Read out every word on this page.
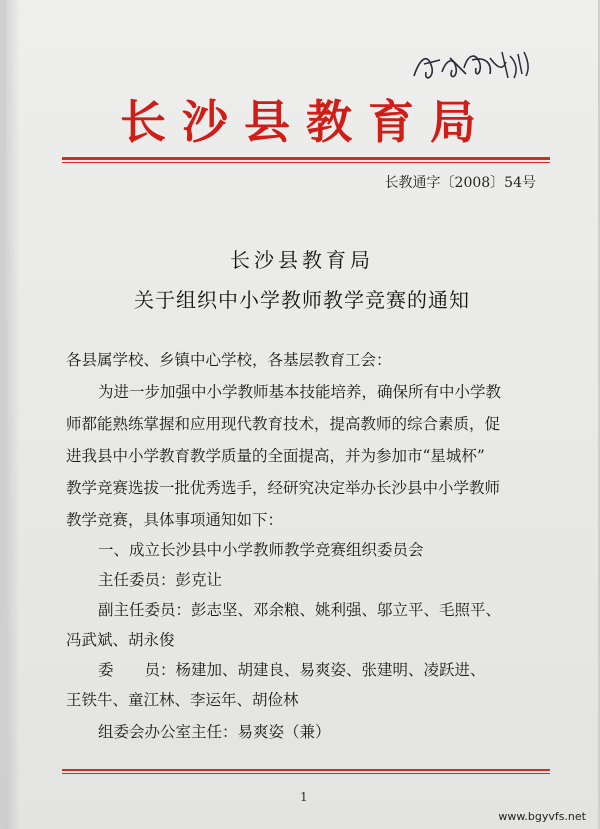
长沙县教育局
长教通字〔2008〕54号
长沙县教育局
关于组织中小学教师教学竞赛的通知
各县属学校、乡镇中心学校，各基层教育工会：
为进一步加强中小学教师基本技能培养，确保所有中小学教
师都能熟练掌握和应用现代教育技术，提高教师的综合素质，促
进我县中小学教育教学质量的全面提高，并为参加市“星城杯”
教学竞赛选拔一批优秀选手，经研究决定举办长沙县中小学教师
教学竞赛，具体事项通知如下：
一、成立长沙县中小学教师教学竞赛组织委员会
主任委员：彭克让
副主任委员：彭志坚、邓余粮、姚利强、邬立平、毛照平、
冯武斌、胡永俊
委　　员：杨建加、胡建良、易爽姿、张建明、凌跃进、
王铁牛、童江林、李运年、胡俭林
组委会办公室主任：易爽姿（兼）
1
www.bgyvfs.net
